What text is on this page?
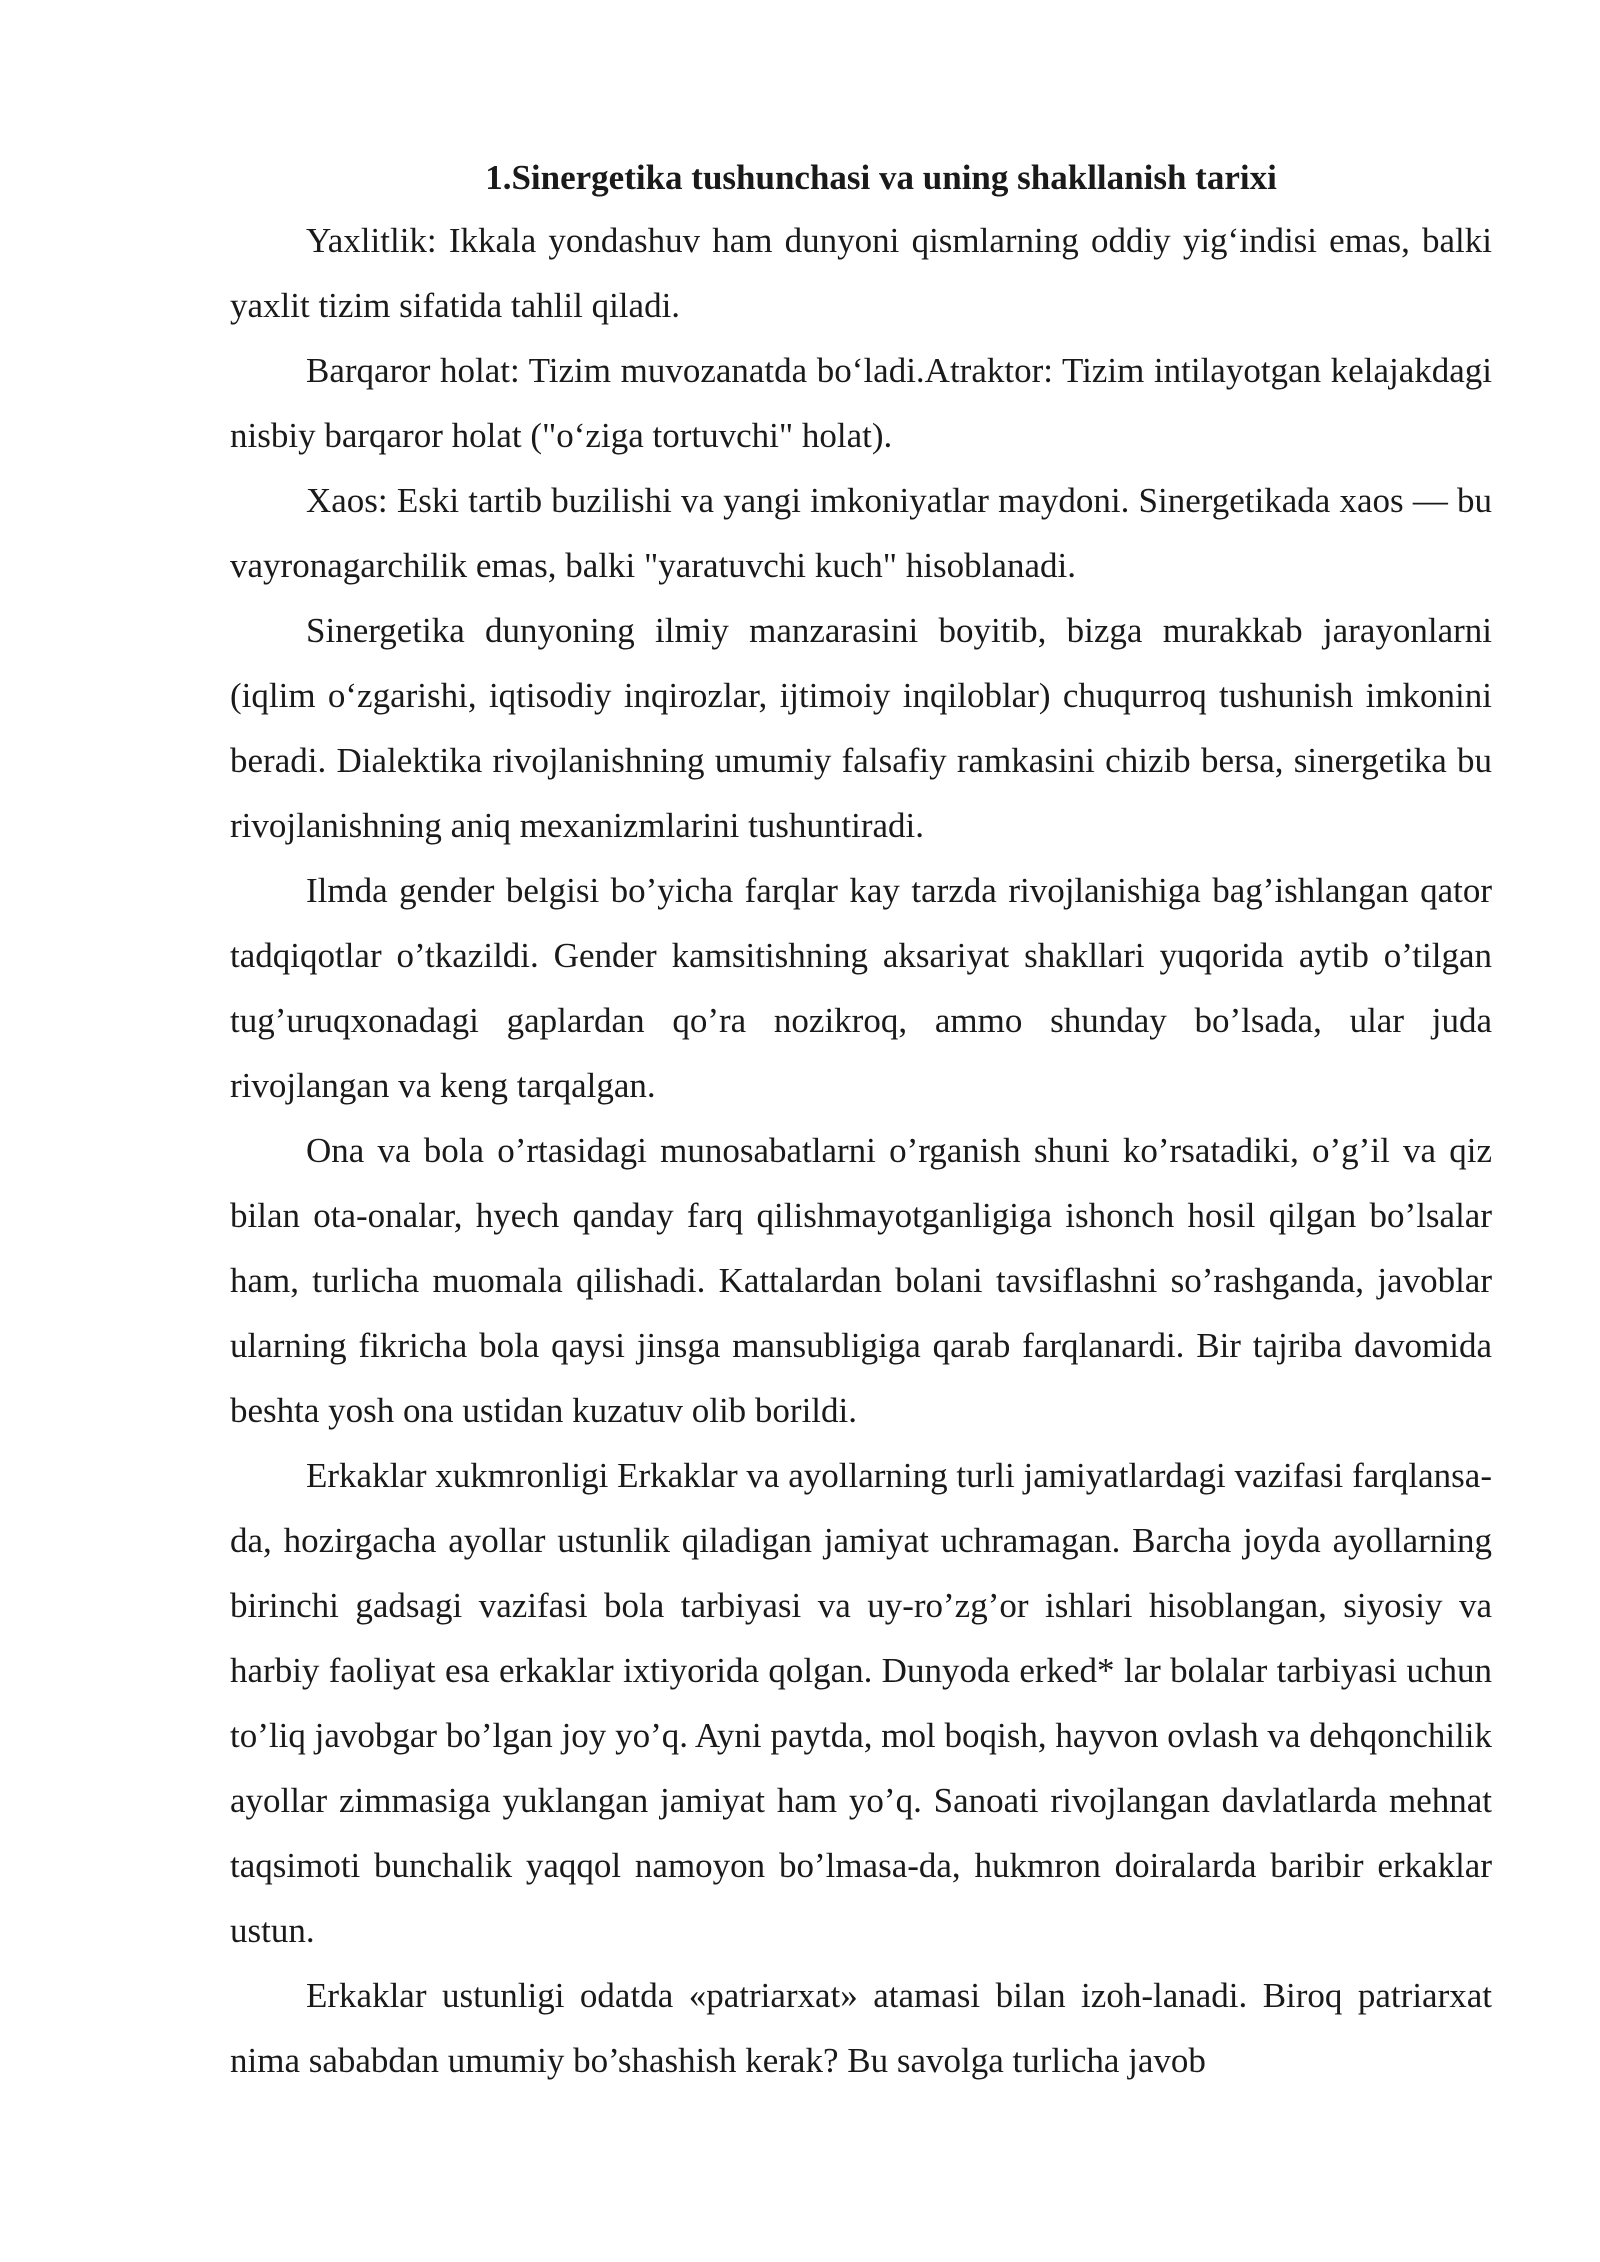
1.Sinergetika tushunchasi va uning shakllanish tarixi

Yaxlitlik: Ikkala yondashuv ham dunyoni qismlarning oddiy yig‘indisi emas, balki yaxlit tizim sifatida tahlil qiladi.

Barqaror holat: Tizim muvozanatda bo‘ladi.Atraktor: Tizim intilayotgan kelajakdagi nisbiy barqaror holat ("o‘ziga tortuvchi" holat).

Xaos: Eski tartib buzilishi va yangi imkoniyatlar maydoni. Sinergetikada xaos — bu vayronagarchilik emas, balki "yaratuvchi kuch" hisoblanadi.

Sinergetika dunyoning ilmiy manzarasini boyitib, bizga murakkab jarayonlarni (iqlim o‘zgarishi, iqtisodiy inqirozlar, ijtimoiy inqiloblar) chuqurroq tushunish imkonini beradi. Dialektika rivojlanishning umumiy falsafiy ramkasini chizib bersa, sinergetika bu rivojlanishning aniq mexanizmlarini tushuntiradi.

Ilmda gender belgisi bo’yicha farqlar kay tarzda rivojlanishiga bag’ishlangan qator tadqiqotlar o’tkazildi. Gender kamsitishning aksariyat shakllari yuqorida aytib o’tilgan tug’uruqxonadagi gaplardan qo’ra nozikroq, ammo shunday bo’lsada, ular juda rivojlangan va keng tarqalgan.

Ona va bola o’rtasidagi munosabatlarni o’rganish shuni ko’rsatadiki, o’g’il va qiz bilan ota-onalar, hyech qanday farq qilishmayotganligiga ishonch hosil qilgan bo’lsalar ham, turlicha muomala qilishadi. Kattalardan bolani tavsiflashni so’rashganda, javoblar ularning fikricha bola qaysi jinsga mansubligiga qarab farqlanardi. Bir tajriba davomida beshta yosh ona ustidan kuzatuv olib borildi.

Erkaklar xukmronligi Erkaklar va ayollarning turli jamiyatlardagi vazifasi farqlansa-da, hozirgacha ayollar ustunlik qiladigan jamiyat uchramagan. Barcha joyda ayollarning birinchi gadsagi vazifasi bola tarbiyasi va uy-ro’zg’or ishlari hisoblangan, siyosiy va harbiy faoliyat esa erkaklar ixtiyorida qolgan. Dunyoda erked* lar bolalar tarbiyasi uchun to’liq javobgar bo’lgan joy yo’q. Ayni paytda, mol boqish, hayvon ovlash va dehqonchilik ayollar zimmasiga yuklangan jamiyat ham yo’q. Sanoati rivojlangan davlatlarda mehnat taqsimoti bunchalik yaqqol namoyon bo’lmasa-da, hukmron doiralarda baribir erkaklar ustun.

Erkaklar ustunligi odatda «patriarxat» atamasi bilan izoh-lanadi. Biroq patriarxat nima sababdan umumiy bo’shashish kerak? Bu savolga turlicha javob
